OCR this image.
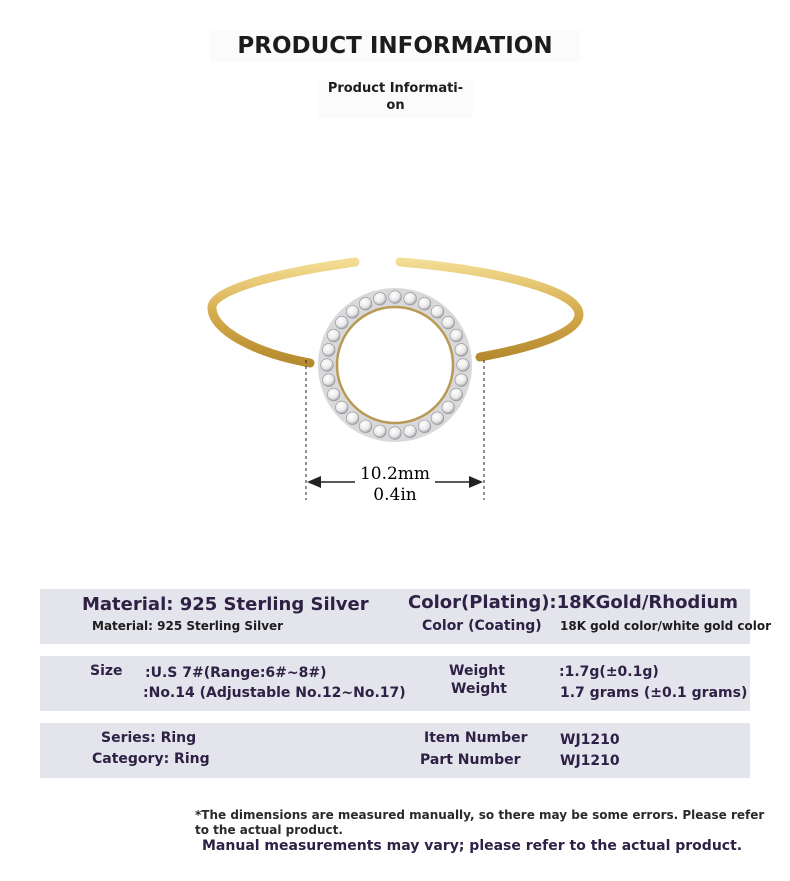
PRODUCT INFORMATION
Product Informati-
on
10.2mm
0.4in
Material: 925 Sterling Silver
Material: 925 Sterling Silver
Color(Plating):18KGold/Rhodium
Color (Coating) 18K gold color/white gold color
Size :U.S 7#(Range:6#~8#)
:No.14 (Adjustable No.12~No.17)
Weight
Weight
:1.7g(±0.1g)
1.7 grams (±0.1 grams)
Series: Ring
Category: Ring
Item Number
Part Number
WJ1210
WJ1210
*The dimensions are measured manually, so there may be some errors. Please refer to the actual product.
Manual measurements may vary; please refer to the actual product.
